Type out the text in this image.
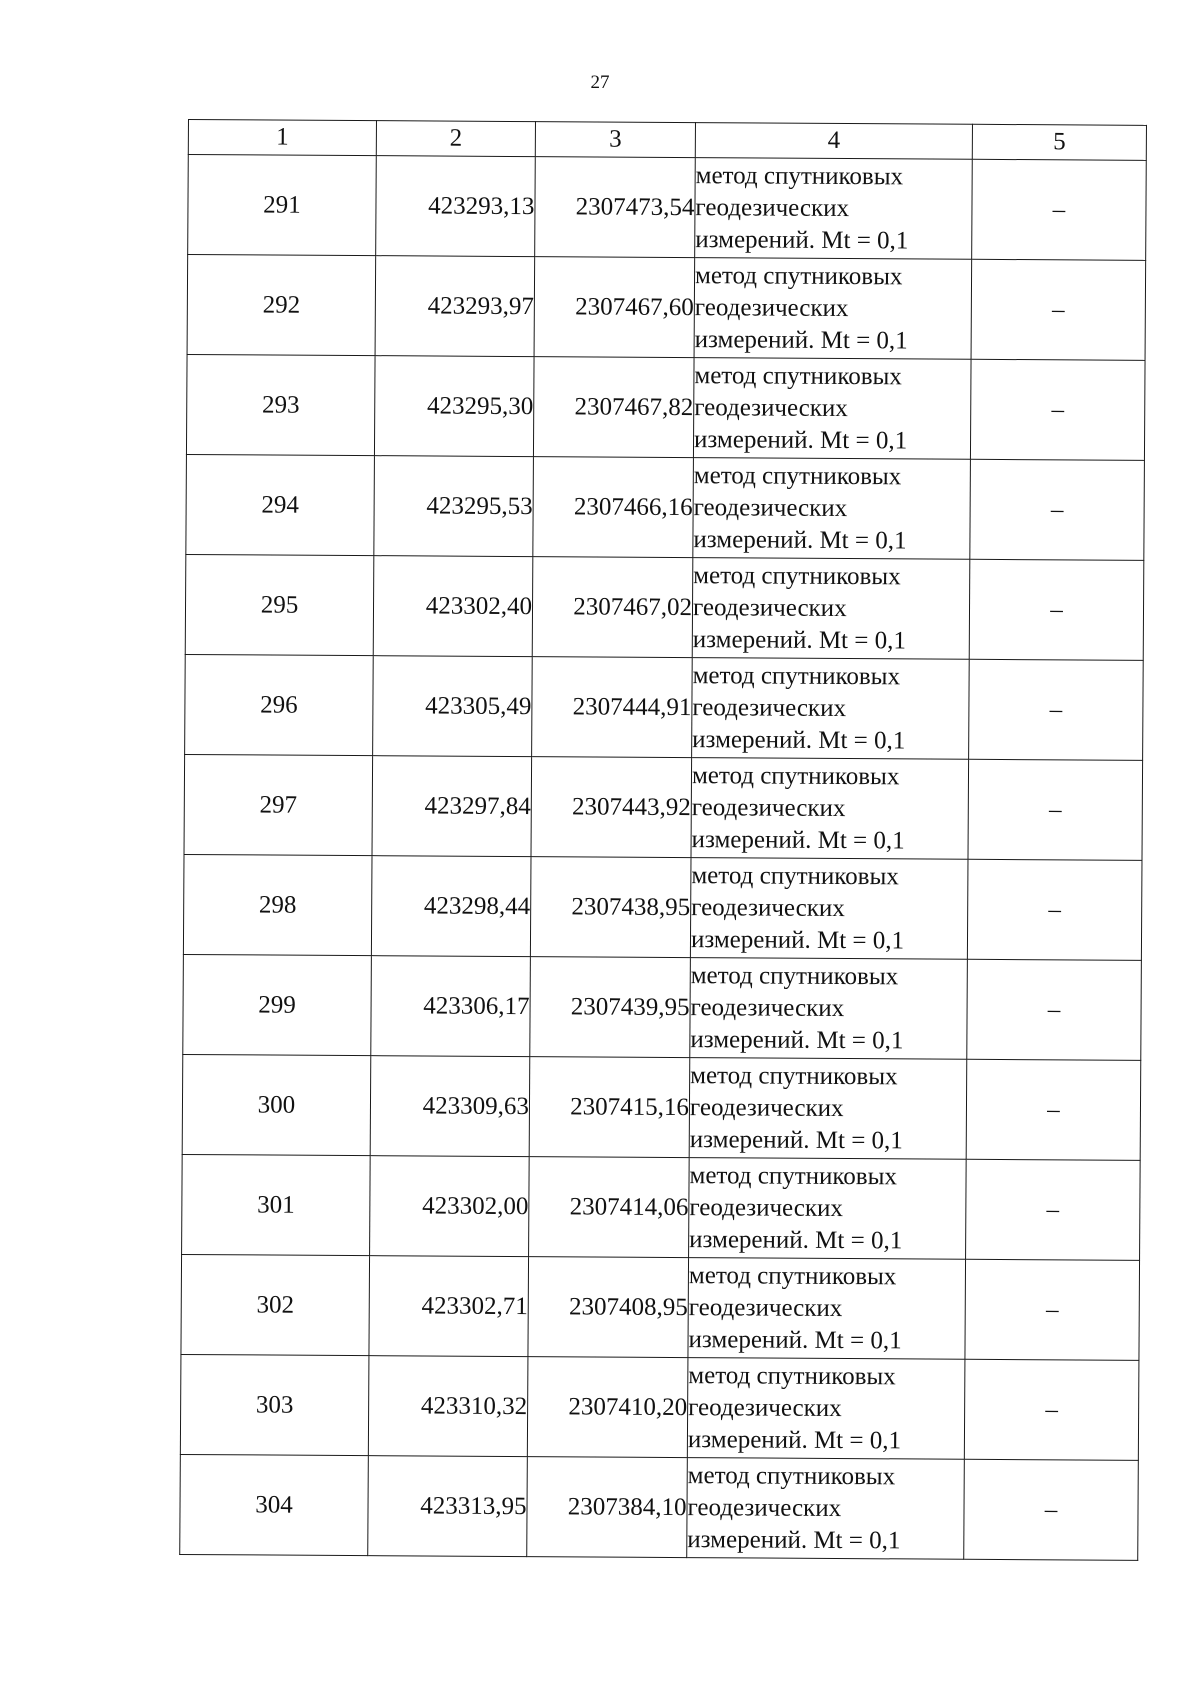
27
1	2	3	4	5
291	423293,13	2307473,54	метод спутниковых
геодезических
измерений. Mt = 0,1	–
292	423293,97	2307467,60	метод спутниковых
геодезических
измерений. Mt = 0,1	–
293	423295,30	2307467,82	метод спутниковых
геодезических
измерений. Mt = 0,1	–
294	423295,53	2307466,16	метод спутниковых
геодезических
измерений. Mt = 0,1	–
295	423302,40	2307467,02	метод спутниковых
геодезических
измерений. Mt = 0,1	–
296	423305,49	2307444,91	метод спутниковых
геодезических
измерений. Mt = 0,1	–
297	423297,84	2307443,92	метод спутниковых
геодезических
измерений. Mt = 0,1	–
298	423298,44	2307438,95	метод спутниковых
геодезических
измерений. Mt = 0,1	–
299	423306,17	2307439,95	метод спутниковых
геодезических
измерений. Mt = 0,1	–
300	423309,63	2307415,16	метод спутниковых
геодезических
измерений. Mt = 0,1	–
301	423302,00	2307414,06	метод спутниковых
геодезических
измерений. Mt = 0,1	–
302	423302,71	2307408,95	метод спутниковых
геодезических
измерений. Mt = 0,1	–
303	423310,32	2307410,20	метод спутниковых
геодезических
измерений. Mt = 0,1	–
304	423313,95	2307384,10	метод спутниковых
геодезических
измерений. Mt = 0,1	–
